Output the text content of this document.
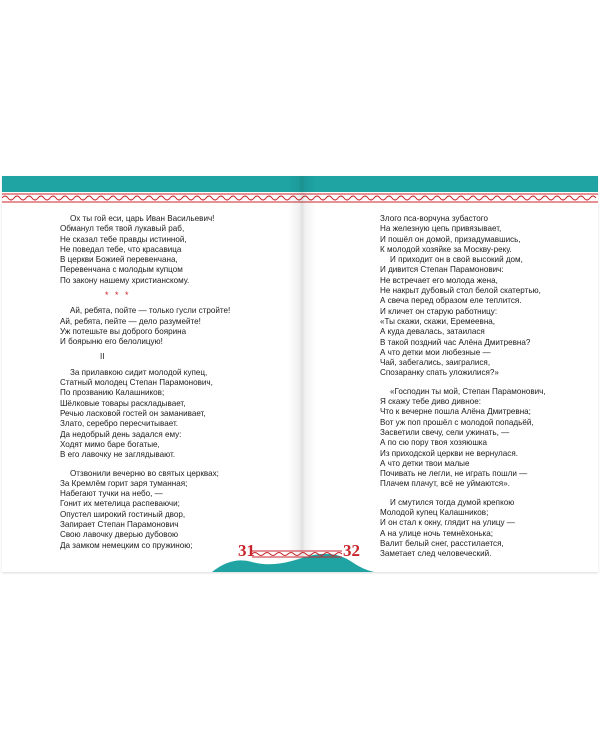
Ох ты гой еси, царь Иван Васильевич!
Обманул тебя твой лукавый раб,
Не сказал тебе правды истинной,
Не поведал тебе, что красавица
В церкви Божией перевенчана,
Перевенчана с молодым купцом
По закону нашему христианскому.
* * *
Ай, ребята, пойте — только гусли стройте!
Ай, ребята, пейте — дело разумейте!
Уж потешьте вы доброго боярина
И боярыню его белолицую!
II
За прилавкою сидит молодой купец,
Статный молодец Степан Парамонович,
По прозванию Калашников;
Шёлковые товары раскладывает,
Речью ласковой гостей он заманивает,
Злато, серебро пересчитывает.
Да недобрый день задался ему:
Ходят мимо баре богатые,
В его лавочку не заглядывают.
Отзвонили вечерню во святых церквах;
За Кремлём горит заря туманная;
Набегают тучки на небо, —
Гонит их метелица распеваючи;
Опустел широкий гостиный двор,
Запирает Степан Парамонович
Свою лавочку дверью дубовою
Да замком немецким со пружиною;
Злого пса-ворчуна зубастого
На железную цепь привязывает,
И пошёл он домой, призадумавшись,
К молодой хозяйке за Москву-реку.
И приходит он в свой высокий дом,
И дивится Степан Парамонович:
Не встречает его молода жена,
Не накрыт дубовый стол белой скатертью,
А свеча перед образом еле теплится.
И кличет он старую работницу:
«Ты скажи, скажи, Еремеевна,
А куда девалась, затаилася
В такой поздний час Алёна Дмитревна?
А что детки мои любезные —
Чай, забегались, заигралися,
Спозаранку спать уложилися?»
«Господин ты мой, Степан Парамонович,
Я скажу тебе диво дивное:
Что к вечерне пошла Алёна Дмитревна;
Вот уж поп прошёл с молодой попадьёй,
Засветили свечу, сели ужинать, —
А по сю пору твоя хозяюшка
Из приходской церкви не вернулася.
А что детки твои малые
Почивать не легли, не играть пошли —
Плачем плачут, всё не уймаются».
И смутился тогда думой крепкою
Молодой купец Калашников;
И он стал к окну, глядит на улицу —
А на улице ночь темнёхонька;
Валит белый снег, расстилается,
Заметает след человеческий.
31	32
